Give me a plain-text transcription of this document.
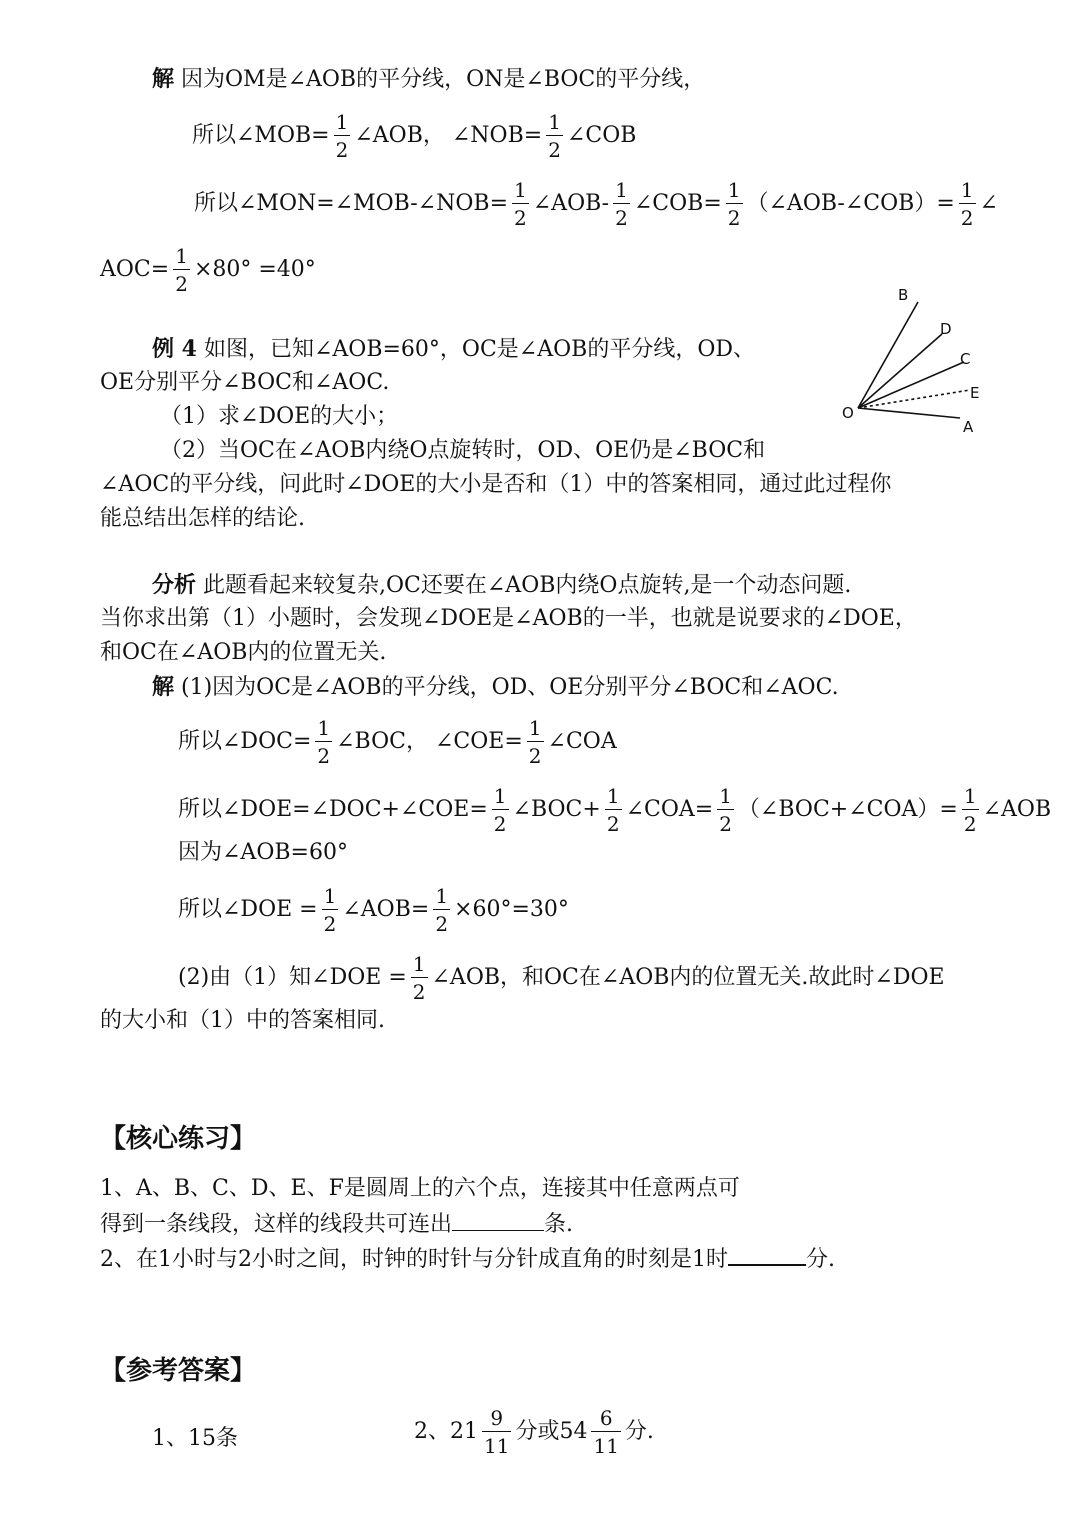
解 因为OM是∠AOB的平分线，ON是∠BOC的平分线，
所以∠MOB= $\frac{1}{2}$ ∠AOB， ∠NOB= $\frac{1}{2}$ ∠COB
所以∠MON=∠MOB-∠NOB= $\frac{1}{2}$ ∠AOB- $\frac{1}{2}$ ∠COB= $\frac{1}{2}$ （∠AOB-∠COB）= $\frac{1}{2}$ ∠
$AOC= \frac{1}{2} \times 80^\circ =40^\circ$
B
D
C
E
A
O
例 4 如图，已知∠AOB=60°，OC是∠AOB的平分线，OD、
OE分别平分∠BOC和∠AOC.
（1）求∠DOE的大小；
（2）当OC在∠AOB内绕O点旋转时，OD、OE仍是∠BOC和
∠AOC的平分线，问此时∠DOE的大小是否和（1）中的答案相同，通过此过程你
能总结出怎样的结论.
分析 此题看起来较复杂,OC还要在∠AOB内绕O点旋转,是一个动态问题.
当你求出第（1）小题时，会发现∠DOE是∠AOB的一半，也就是说要求的∠DOE，
和OC在∠AOB内的位置无关.
解 (1)因为OC是∠AOB的平分线，OD、OE分别平分∠BOC和∠AOC.
所以∠DOC= $\frac{1}{2}$ ∠BOC， ∠COE= $\frac{1}{2}$ ∠COA
所以∠DOE=∠DOC+∠COE= $\frac{1}{2}$ ∠BOC+ $\frac{1}{2}$ ∠COA= $\frac{1}{2}$ （∠BOC+∠COA）= $\frac{1}{2}$ ∠AOB
因为∠AOB=60°
所以∠DOE = $\frac{1}{2}$ ∠AOB= $\frac{1}{2} \times 60^\circ=30^\circ$
(2)由（1）知∠DOE = $\frac{1}{2}$ ∠AOB，和OC在∠AOB内的位置无关.故此时∠DOE
的大小和（1）中的答案相同.
【核心练习】
1、A、B、C、D、E、F是圆周上的六个点，连接其中任意两点可
得到一条线段，这样的线段共可连出	条.
2、在1小时与2小时之间，时钟的时针与分针成直角的时刻是1时	分.
【参考答案】
1、15条	2、 $21 \frac{9}{11}$ 分或 $54 \frac{6}{11}$ 分.
